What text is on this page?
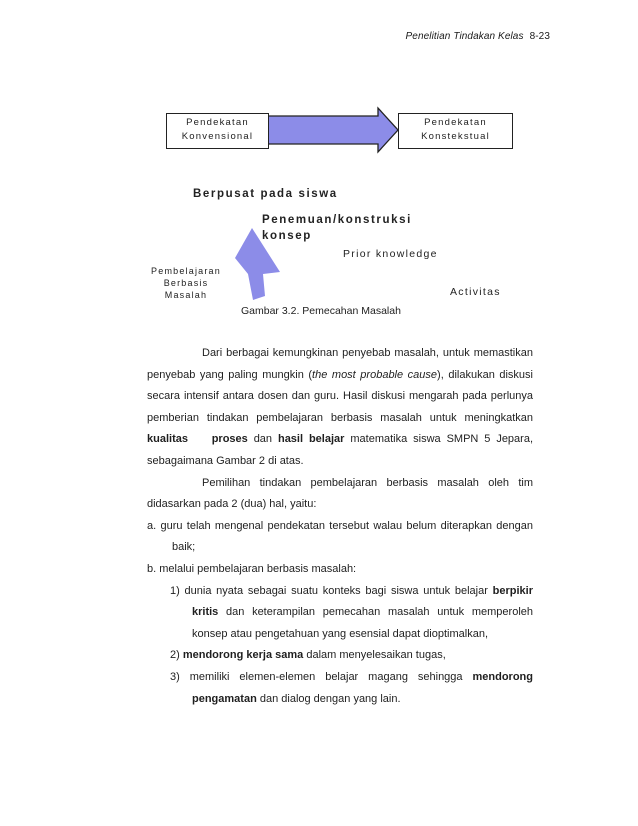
Penelitian Tindakan Kelas 8-23
Pendekatan
Konvensional
Pendekatan
Konstekstual
Berpusat pada siswa
Penemuan/konstruksi
konsep
Prior knowledge
Pembelajaran
Berbasis
Masalah	Activitas
Gambar 3.2. Pemecahan Masalah

Dari berbagai kemungkinan penyebab masalah, untuk memastikan penyebab yang paling mungkin (the most probable cause), dilakukan diskusi secara intensif antara dosen dan guru. Hasil diskusi mengarah pada perlunya pemberian tindakan pembelajaran berbasis masalah untuk meningkatkan kualitas proses dan hasil belajar matematika siswa SMPN 5 Jepara, sebagaimana Gambar 2 di atas.

Pemilihan tindakan pembelajaran berbasis masalah oleh tim didasarkan pada 2 (dua) hal, yaitu:

a. guru telah mengenal pendekatan tersebut walau belum diterapkan dengan baik;

b. melalui pembelajaran berbasis masalah:

1) dunia nyata sebagai suatu konteks bagi siswa untuk belajar berpikir kritis dan keterampilan pemecahan masalah untuk memperoleh konsep atau pengetahuan yang esensial dapat dioptimalkan,

2) mendorong kerja sama dalam menyelesaikan tugas,

3) memiliki elemen-elemen belajar magang sehingga mendorong pengamatan dan dialog dengan yang lain.
